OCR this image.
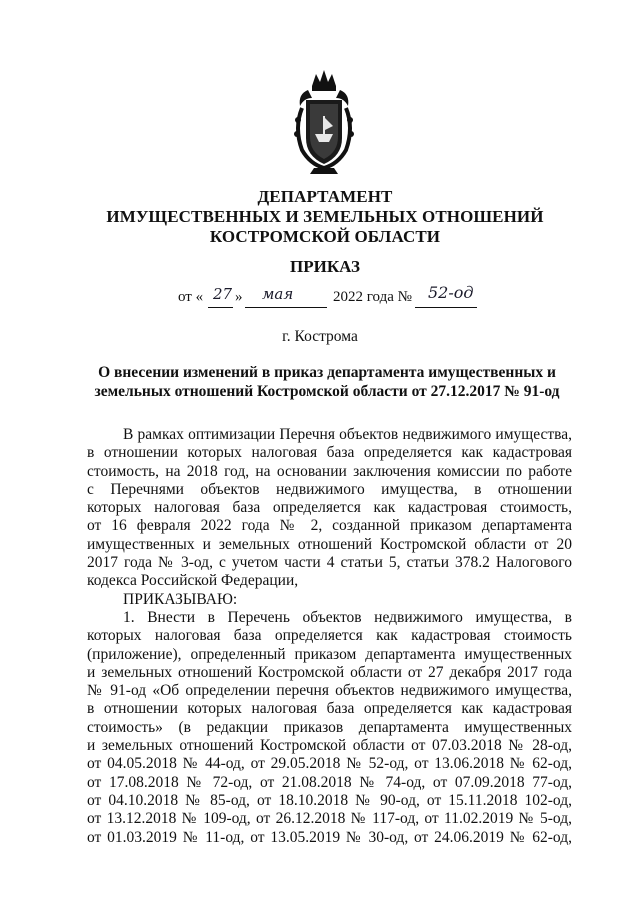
ДЕПАРТАМЕНТ
ИМУЩЕСТВЕННЫХ И ЗЕМЕЛЬНЫХ ОТНОШЕНИЙ
КОСТРОМСКОЙ ОБЛАСТИ
ПРИКАЗ
от « 27 » мая	2022 года № 52-од
г. Кострома
О внесении изменений в приказ департамента имущественных и
земельных отношений Костромской области от 27.12.2017 № 91-од
В рамках оптимизации Перечня объектов недвижимого имущества,
в отношении которых налоговая база определяется как кадастровая
стоимость, на 2018 год, на основании заключения комиссии по работе
с Перечнями объектов недвижимого имущества, в отношении
которых налоговая база определяется как кадастровая стоимость,
от 16 февраля 2022 года № 2, созданной приказом департамента
имущественных и земельных отношений Костромской области от 20
2017 года № 3-од, с учетом части 4 статьи 5, статьи 378.2 Налогового
кодекса Российской Федерации,
ПРИКАЗЫВАЮ:
1. Внести в Перечень объектов недвижимого имущества, в
которых налоговая база определяется как кадастровая стоимость
(приложение), определенный приказом департамента имущественных
и земельных отношений Костромской области от 27 декабря 2017 года
№ 91-од «Об определении перечня объектов недвижимого имущества,
в отношении которых налоговая база определяется как кадастровая
стоимость» (в редакции приказов департамента имущественных
и земельных отношений Костромской области от 07.03.2018 № 28-од,
от 04.05.2018 № 44-од, от 29.05.2018 № 52-од, от 13.06.2018 № 62-од,
от 17.08.2018 № 72-од, от 21.08.2018 № 74-од, от 07.09.2018 77-од,
от 04.10.2018 № 85-од, от 18.10.2018 № 90-од, от 15.11.2018 102-од,
от 13.12.2018 № 109-од, от 26.12.2018 № 117-од, от 11.02.2019 № 5-од,
от 01.03.2019 № 11-од, от 13.05.2019 № 30-од, от 24.06.2019 № 62-од,
